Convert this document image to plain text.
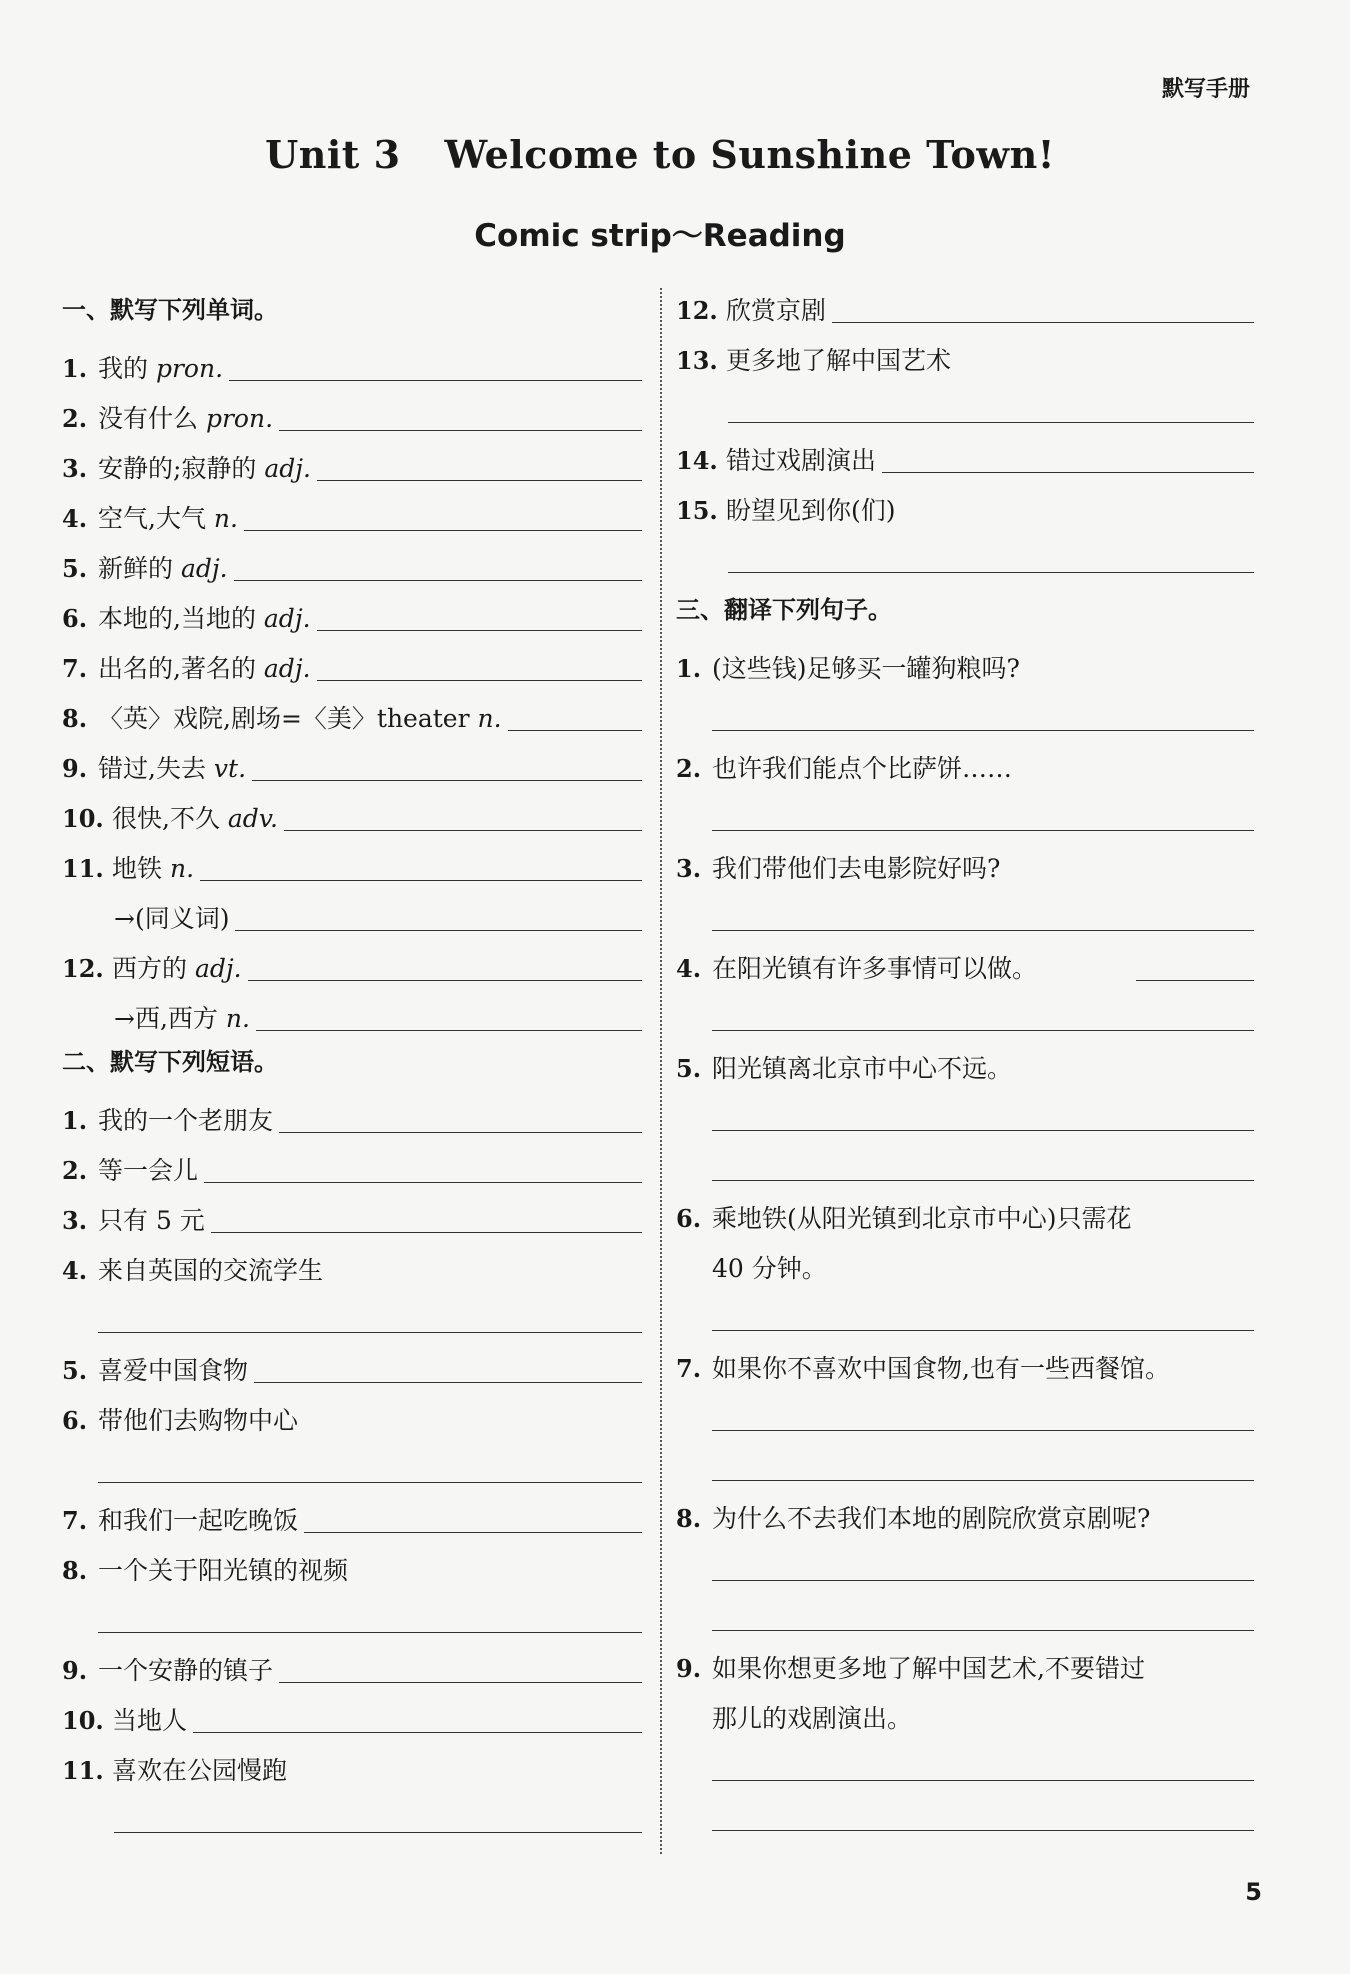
默写手册
Unit 3 Welcome to Sunshine Town!
Comic strip～Reading
一、默写下列单词。
1. 我的 pron.
2. 没有什么 pron.
3. 安静的;寂静的 adj.
4. 空气,大气 n.
5. 新鲜的 adj.
6. 本地的,当地的 adj.
7. 出名的,著名的 adj.
8. 〈英〉戏院,剧场=〈美〉theater n.
9. 错过,失去 vt.
10. 很快,不久 adv.
11. 地铁 n.
→(同义词)
12. 西方的 adj.
→西,西方 n.
二、默写下列短语。
1. 我的一个老朋友
2. 等一会儿
3. 只有 5 元
4. 来自英国的交流学生
5. 喜爱中国食物
6. 带他们去购物中心
7. 和我们一起吃晚饭
8. 一个关于阳光镇的视频
9. 一个安静的镇子
10. 当地人
11. 喜欢在公园慢跑
12. 欣赏京剧
13. 更多地了解中国艺术
14. 错过戏剧演出
15. 盼望见到你(们)
三、翻译下列句子。
1. (这些钱)足够买一罐狗粮吗?
2. 也许我们能点个比萨饼……
3. 我们带他们去电影院好吗?
4. 在阳光镇有许多事情可以做。
5. 阳光镇离北京市中心不远。
6. 乘地铁(从阳光镇到北京市中心)只需花
40 分钟。
7. 如果你不喜欢中国食物,也有一些西餐馆。
8. 为什么不去我们本地的剧院欣赏京剧呢?
9. 如果你想更多地了解中国艺术,不要错过
那儿的戏剧演出。
5
